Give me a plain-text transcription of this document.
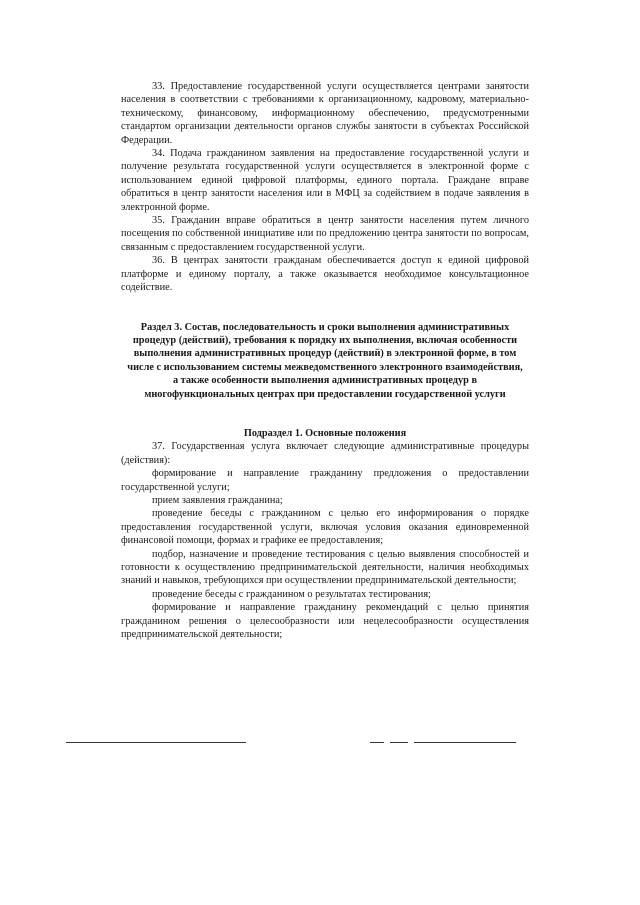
33. Предоставление государственной услуги осуществляется центрами занятости населения в соответствии с требованиями к организационному, кадровому, материально-техническому, финансовому, информационному обеспечению, предусмотренными стандартом организации деятельности органов службы занятости в субъектах Российской Федерации.

34. Подача гражданином заявления на предоставление государственной услуги и получение результата государственной услуги осуществляется в электронной форме с использованием единой цифровой платформы, единого портала. Граждане вправе обратиться в центр занятости населения или в МФЦ за содействием в подаче заявления в электронной форме.

35. Гражданин вправе обратиться в центр занятости населения путем личного посещения по собственной инициативе или по предложению центра занятости по вопросам, связанным с предоставлением государственной услуги.

36. В центрах занятости гражданам обеспечивается доступ к единой цифровой платформе и единому порталу, а также оказывается необходимое консультационное содействие.

Раздел 3. Состав, последовательность и сроки выполнения административных процедур (действий), требования к порядку их выполнения, включая особенности выполнения административных процедур (действий) в электронной форме, в том числе с использованием системы межведомственного электронного взаимодействия, а также особенности выполнения административных процедур в многофункциональных центрах при предоставлении государственной услуги

Подраздел 1. Основные положения

37. Государственная услуга включает следующие административные процедуры (действия):

формирование и направление гражданину предложения о предоставлении государственной услуги;

прием заявления гражданина;

проведение беседы с гражданином с целью его информирования о порядке предоставления государственной услуги, включая условия оказания единовременной финансовой помощи, формах и графике ее предоставления;

подбор, назначение и проведение тестирования с целью выявления способностей и готовности к осуществлению предпринимательской деятельности, наличия необходимых знаний и навыков, требующихся при осуществлении предпринимательской деятельности;

проведение беседы с гражданином о результатах тестирования;

формирование и направление гражданину рекомендаций с целью принятия гражданином решения о целесообразности или нецелесообразности осуществления предпринимательской деятельности;
